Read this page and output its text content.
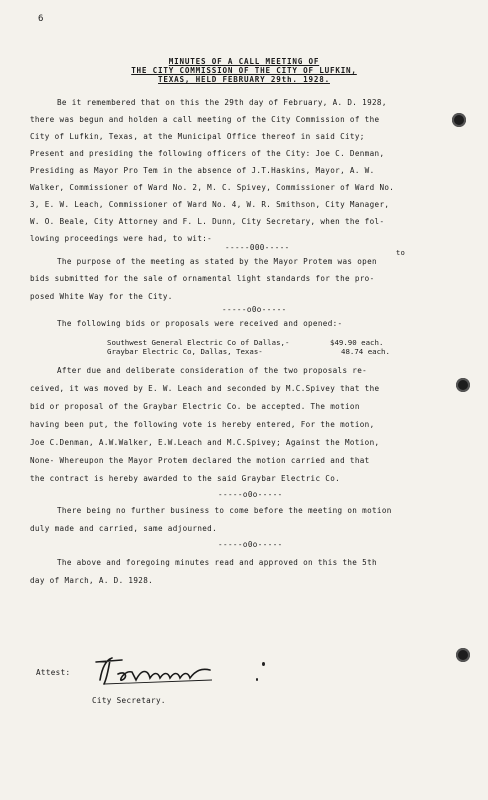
6
MINUTES OF A CALL MEETING OF
THE CITY COMMISSION OF THE CITY OF LUFKIN,
TEXAS, HELD FEBRUARY 29th. 1928.
Be it remembered that on this the 29th day of February, A. D. 1928,
there was begun and holden a call meeting of the City Commission of the
City of Lufkin, Texas, at the Municipal Office thereof in said City;
Present and presiding the following officers of the City: Joe C. Denman,
Presiding as Mayor Pro Tem in the absence of J.T.Haskins, Mayor, A. W.
Walker, Commissioner of Ward No. 2, M. C. Spivey, Commissioner of Ward No.
3, E. W. Leach, Commissioner of Ward No. 4, W. R. Smithson, City Manager,
W. O. Beale, City Attorney and F. L. Dunn, City Secretary, when the fol-
lowing proceedings were had, to wit:-
-----000-----
to
The purpose of the meeting as stated by the Mayor Protem was open
bids submitted for the sale of ornamental light standards for the pro-
posed White Way for the City.
-----o0o-----
The following bids or proposals were received and opened:-
Southwest General Electric Co of Dallas,-	$49.90 each.
Graybar Electric Co, Dallas, Texas-	48.74 each.
After due and deliberate consideration of the two proposals re-
ceived, it was moved by E. W. Leach and seconded by M.C.Spivey that the
bid or proposal of the Graybar Electric Co. be accepted. The motion
having been put, the following vote is hereby entered, For the motion,
Joe C.Denman, A.W.Walker, E.W.Leach and M.C.Spivey; Against the Motion,
None- Whereupon the Mayor Protem declared the motion carried and that
the contract is hereby awarded to the said Graybar Electric Co.
-----o0o-----
There being no further business to come before the meeting on motion
duly made and carried, same adjourned.
-----o0o-----
The above and foregoing minutes read and approved on this the 5th
day of March, A. D. 1928.
Attest:
City Secretary.
